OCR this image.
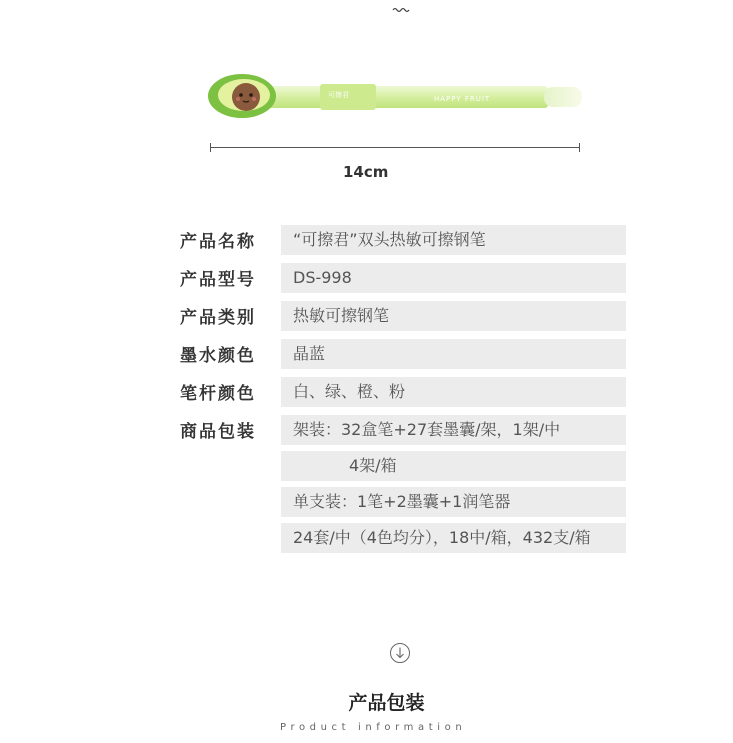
可擦君	HAPPY FRUIT
14cm
产品名称	“可擦君”双头热敏可擦钢笔
产品型号	DS-998
产品类别	热敏可擦钢笔
墨水颜色	晶蓝
笔杆颜色	白、绿、橙、粉
商品包装	架装：32盒笔+27套墨囊/架，1架/中
4架/箱
单支装：1笔+2墨囊+1润笔器
24套/中（4色均分），18中/箱，432支/箱
产品包装
Product information
